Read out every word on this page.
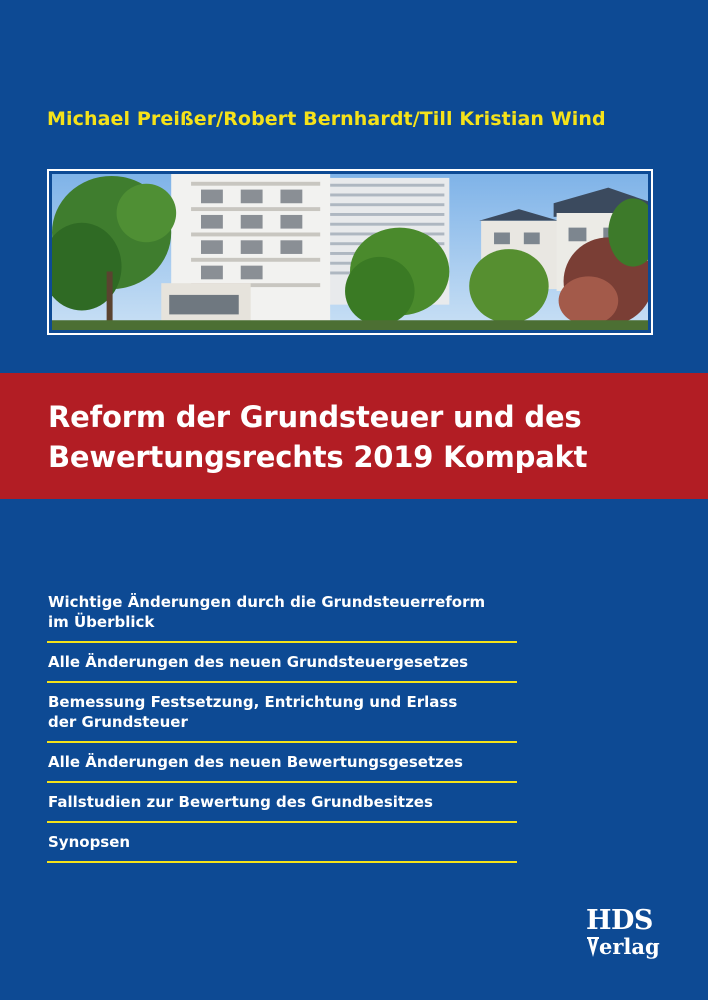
Michael Preißer/Robert Bernhardt/Till Kristian Wind
Reform der Grundsteuer und des
Bewertungsrechts 2019 Kompakt
Wichtige Änderungen durch die Grundsteuerreform
im Überblick
Alle Änderungen des neuen Grundsteuergesetzes
Bemessung Festsetzung, Entrichtung und Erlass
der Grundsteuer
Alle Änderungen des neuen Bewertungsgesetzes
Fallstudien zur Bewertung des Grundbesitzes
Synopsen
HDS
erlag
